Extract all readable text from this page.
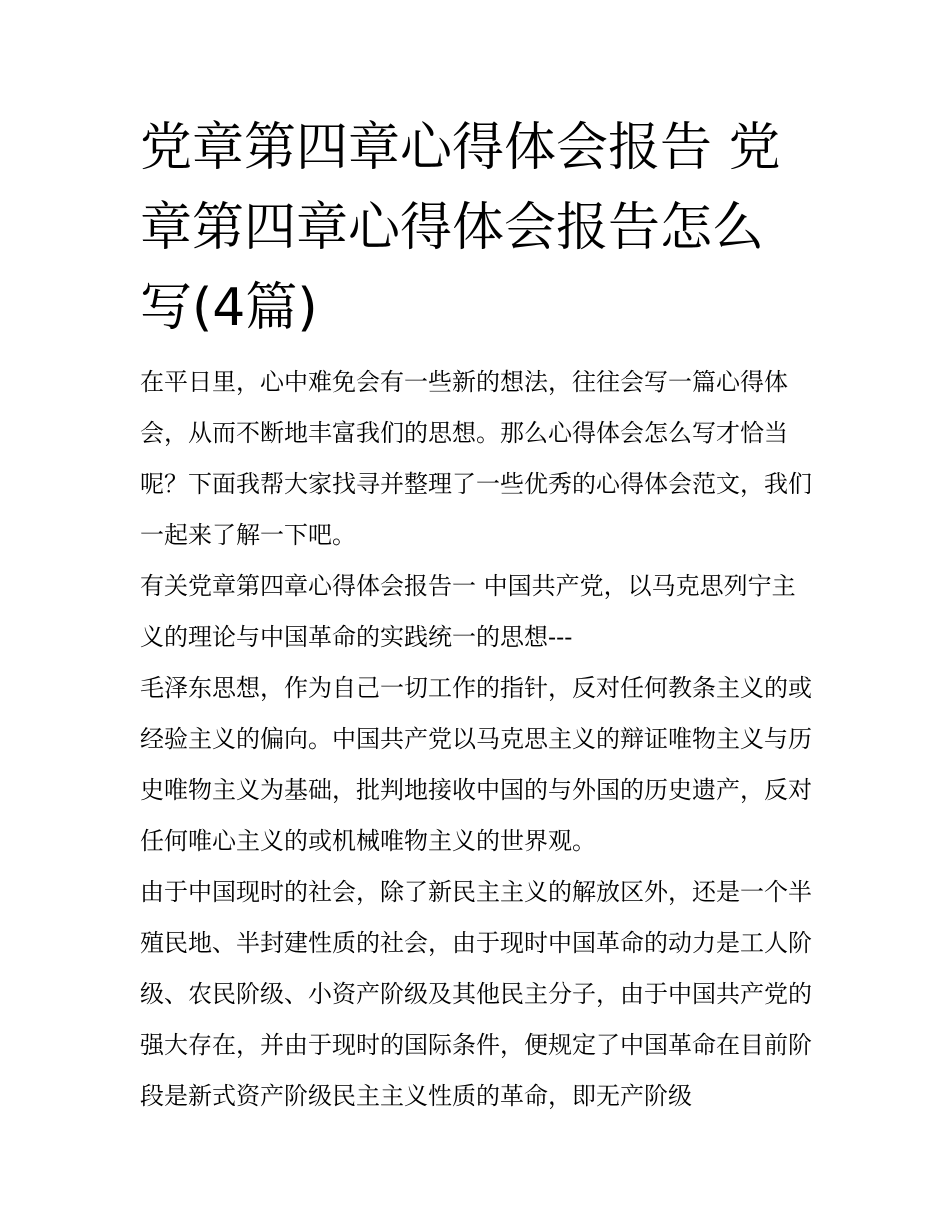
党章第四章心得体会报告 党章第四章心得体会报告怎么写(4篇)

在平日里，心中难免会有一些新的想法，往往会写一篇心得体会，从而不断地丰富我们的思想。那么心得体会怎么写才恰当呢？下面我帮大家找寻并整理了一些优秀的心得体会范文，我们一起来了解一下吧。

有关党章第四章心得体会报告一 中国共产党，以马克思列宁主义的理论与中国革命的实践统一的思想---

毛泽东思想，作为自己一切工作的指针，反对任何教条主义的或经验主义的偏向。中国共产党以马克思主义的辩证唯物主义与历史唯物主义为基础，批判地接收中国的与外国的历史遗产，反对任何唯心主义的或机械唯物主义的世界观。

由于中国现时的社会，除了新民主主义的解放区外，还是一个半殖民地、半封建性质的社会，由于现时中国革命的动力是工人阶级、农民阶级、小资产阶级及其他民主分子，由于中国共产党的强大存在，并由于现时的国际条件，便规定了中国革命在目前阶段是新式资产阶级民主主义性质的革命，即无产阶级
